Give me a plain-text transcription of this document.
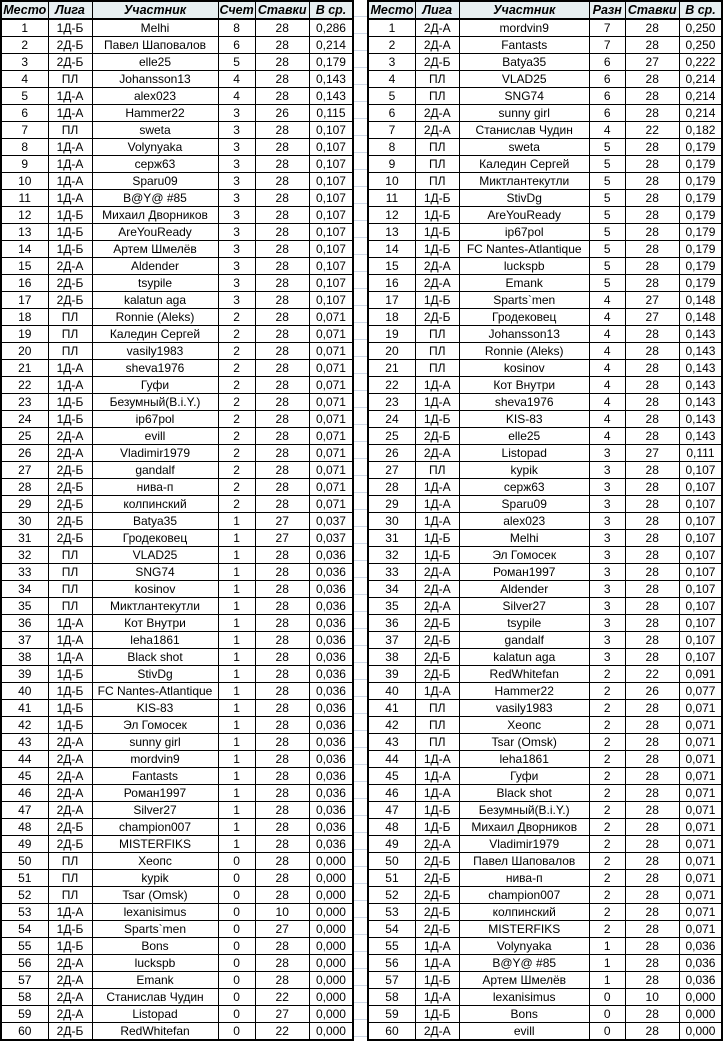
Место	Лига	Участник	Счет	Ставки	В ср.
1	1Д-Б	Melhi	8	28	0,286
2	2Д-Б	Павел Шаповалов	6	28	0,214
3	2Д-Б	elle25	5	28	0,179
4	ПЛ	Johansson13	4	28	0,143
5	1Д-А	alex023	4	28	0,143
6	1Д-А	Hammer22	3	26	0,115
7	ПЛ	sweta	3	28	0,107
8	1Д-А	Volynyaka	3	28	0,107
9	1Д-А	серж63	3	28	0,107
10	1Д-А	Sparu09	3	28	0,107
11	1Д-А	B@Y@ #85	3	28	0,107
12	1Д-Б	Михаил Дворников	3	28	0,107
13	1Д-Б	AreYouReady	3	28	0,107
14	1Д-Б	Артем Шмелёв	3	28	0,107
15	2Д-А	Aldender	3	28	0,107
16	2Д-Б	tsypile	3	28	0,107
17	2Д-Б	kalatun aga	3	28	0,107
18	ПЛ	Ronnie (Aleks)	2	28	0,071
19	ПЛ	Каледин Сергей	2	28	0,071
20	ПЛ	vasily1983	2	28	0,071
21	1Д-А	sheva1976	2	28	0,071
22	1Д-А	Гуфи	2	28	0,071
23	1Д-Б	Безумный(B.i.Y.)	2	28	0,071
24	1Д-Б	ip67pol	2	28	0,071
25	2Д-А	evill	2	28	0,071
26	2Д-А	Vladimir1979	2	28	0,071
27	2Д-Б	gandalf	2	28	0,071
28	2Д-Б	нива-п	2	28	0,071
29	2Д-Б	колпинский	2	28	0,071
30	2Д-Б	Batya35	1	27	0,037
31	2Д-Б	Гродековец	1	27	0,037
32	ПЛ	VLAD25	1	28	0,036
33	ПЛ	SNG74	1	28	0,036
34	ПЛ	kosinov	1	28	0,036
35	ПЛ	Миктлантекутли	1	28	0,036
36	1Д-А	Кот Внутри	1	28	0,036
37	1Д-А	leha1861	1	28	0,036
38	1Д-А	Black shot	1	28	0,036
39	1Д-Б	StivDg	1	28	0,036
40	1Д-Б	FC Nantes-Atlantique	1	28	0,036
41	1Д-Б	KIS-83	1	28	0,036
42	1Д-Б	Эл Гомосек	1	28	0,036
43	2Д-А	sunny girl	1	28	0,036
44	2Д-А	mordvin9	1	28	0,036
45	2Д-А	Fantasts	1	28	0,036
46	2Д-А	Роман1997	1	28	0,036
47	2Д-А	Silver27	1	28	0,036
48	2Д-Б	champion007	1	28	0,036
49	2Д-Б	MISTERFIKS	1	28	0,036
50	ПЛ	Хеопс	0	28	0,000
51	ПЛ	kypik	0	28	0,000
52	ПЛ	Tsar (Omsk)	0	28	0,000
53	1Д-А	lexanisimus	0	10	0,000
54	1Д-Б	Sparts`men	0	27	0,000
55	1Д-Б	Bons	0	28	0,000
56	2Д-А	luckspb	0	28	0,000
57	2Д-А	Emank	0	28	0,000
58	2Д-А	Станислав Чудин	0	22	0,000
59	2Д-А	Listopad	0	27	0,000
60	2Д-Б	RedWhitefan	0	22	0,000
Место	Лига	Участник	Разн	Ставки	В ср.
1	2Д-А	mordvin9	7	28	0,250
2	2Д-А	Fantasts	7	28	0,250
3	2Д-Б	Batya35	6	27	0,222
4	ПЛ	VLAD25	6	28	0,214
5	ПЛ	SNG74	6	28	0,214
6	2Д-А	sunny girl	6	28	0,214
7	2Д-А	Станислав Чудин	4	22	0,182
8	ПЛ	sweta	5	28	0,179
9	ПЛ	Каледин Сергей	5	28	0,179
10	ПЛ	Миктлантекутли	5	28	0,179
11	1Д-Б	StivDg	5	28	0,179
12	1Д-Б	AreYouReady	5	28	0,179
13	1Д-Б	ip67pol	5	28	0,179
14	1Д-Б	FC Nantes-Atlantique	5	28	0,179
15	2Д-А	luckspb	5	28	0,179
16	2Д-А	Emank	5	28	0,179
17	1Д-Б	Sparts`men	4	27	0,148
18	2Д-Б	Гродековец	4	27	0,148
19	ПЛ	Johansson13	4	28	0,143
20	ПЛ	Ronnie (Aleks)	4	28	0,143
21	ПЛ	kosinov	4	28	0,143
22	1Д-А	Кот Внутри	4	28	0,143
23	1Д-А	sheva1976	4	28	0,143
24	1Д-Б	KIS-83	4	28	0,143
25	2Д-Б	elle25	4	28	0,143
26	2Д-А	Listopad	3	27	0,111
27	ПЛ	kypik	3	28	0,107
28	1Д-А	серж63	3	28	0,107
29	1Д-А	Sparu09	3	28	0,107
30	1Д-А	alex023	3	28	0,107
31	1Д-Б	Melhi	3	28	0,107
32	1Д-Б	Эл Гомосек	3	28	0,107
33	2Д-А	Роман1997	3	28	0,107
34	2Д-А	Aldender	3	28	0,107
35	2Д-А	Silver27	3	28	0,107
36	2Д-Б	tsypile	3	28	0,107
37	2Д-Б	gandalf	3	28	0,107
38	2Д-Б	kalatun aga	3	28	0,107
39	2Д-Б	RedWhitefan	2	22	0,091
40	1Д-А	Hammer22	2	26	0,077
41	ПЛ	vasily1983	2	28	0,071
42	ПЛ	Хеопс	2	28	0,071
43	ПЛ	Tsar (Omsk)	2	28	0,071
44	1Д-А	leha1861	2	28	0,071
45	1Д-А	Гуфи	2	28	0,071
46	1Д-А	Black shot	2	28	0,071
47	1Д-Б	Безумный(B.i.Y.)	2	28	0,071
48	1Д-Б	Михаил Дворников	2	28	0,071
49	2Д-А	Vladimir1979	2	28	0,071
50	2Д-Б	Павел Шаповалов	2	28	0,071
51	2Д-Б	нива-п	2	28	0,071
52	2Д-Б	champion007	2	28	0,071
53	2Д-Б	колпинский	2	28	0,071
54	2Д-Б	MISTERFIKS	2	28	0,071
55	1Д-А	Volynyaka	1	28	0,036
56	1Д-А	B@Y@ #85	1	28	0,036
57	1Д-Б	Артем Шмелёв	1	28	0,036
58	1Д-А	lexanisimus	0	10	0,000
59	1Д-Б	Bons	0	28	0,000
60	2Д-А	evill	0	28	0,000
